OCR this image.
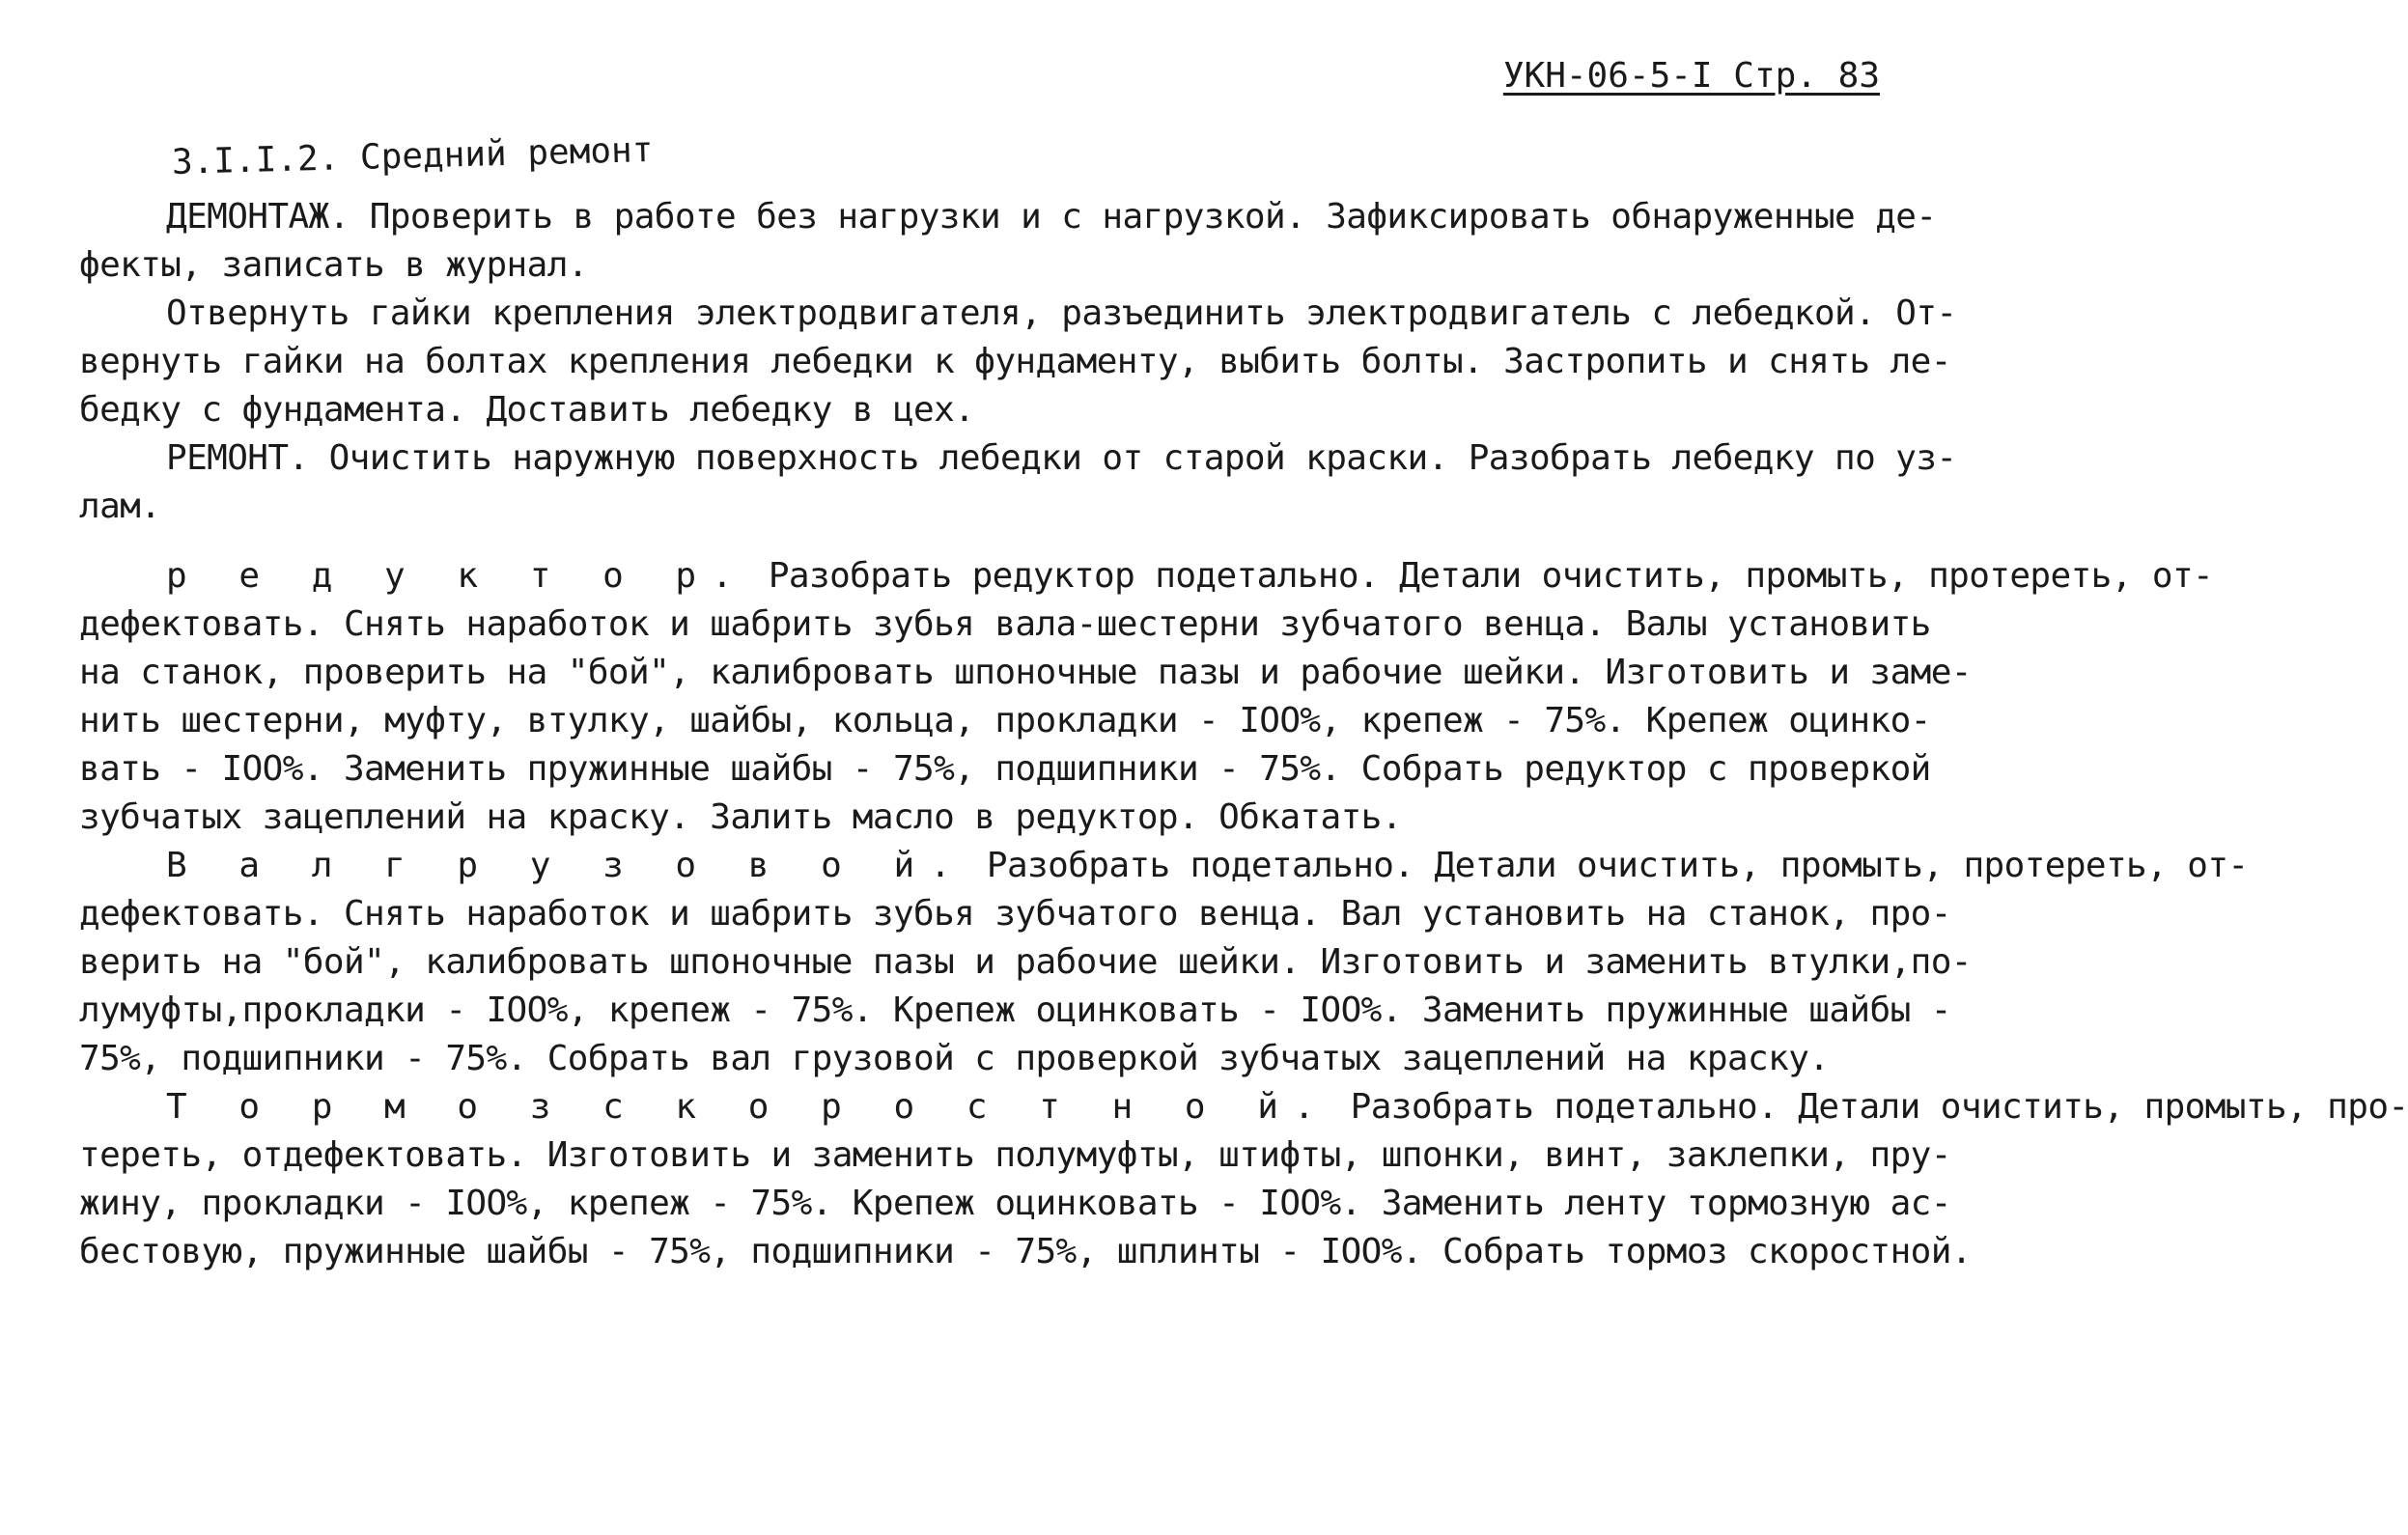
УКН-06-5-I Стр. 83
3.I.I.2. Средний ремонт
ДЕМОНТАЖ. Проверить в работе без нагрузки и с нагрузкой. Зафиксировать обнаруженные де-
фекты, записать в журнал.
Отвернуть гайки крепления электродвигателя, разъединить электродвигатель с лебедкой. От-
вернуть гайки на болтах крепления лебедки к фундаменту, выбить болты. Застропить и снять ле-
бедку с фундамента. Доставить лебедку в цех.
РЕМОНТ. Очистить наружную поверхность лебедки от старой краски. Разобрать лебедку по уз-
лам.
р е д у к т о р. Разобрать редуктор подетально. Детали очистить, промыть, протереть, от-
дефектовать. Снять наработок и шабрить зубья вала-шестерни зубчатого венца. Валы установить
на станок, проверить на "бой", калибровать шпоночные пазы и рабочие шейки. Изготовить и заме-
нить шестерни, муфту, втулку, шайбы, кольца, прокладки - IOO%, крепеж - 75%. Крепеж оцинко-
вать - IOO%. Заменить пружинные шайбы - 75%, подшипники - 75%. Собрать редуктор с проверкой
зубчатых зацеплений на краску. Залить масло в редуктор. Обкатать.
В а л г р у з о в о й. Разобрать подетально. Детали очистить, промыть, протереть, от-
дефектовать. Снять наработок и шабрить зубья зубчатого венца. Вал установить на станок, про-
верить на "бой", калибровать шпоночные пазы и рабочие шейки. Изготовить и заменить втулки,по-
лумуфты,прокладки - IOO%, крепеж - 75%. Крепеж оцинковать - IOO%. Заменить пружинные шайбы -
75%, подшипники - 75%. Собрать вал грузовой с проверкой зубчатых зацеплений на краску.
Т о р м о з с к о р о с т н о й. Разобрать подетально. Детали очистить, промыть, про-
тереть, отдефектовать. Изготовить и заменить полумуфты, штифты, шпонки, винт, заклепки, пру-
жину, прокладки - IOO%, крепеж - 75%. Крепеж оцинковать - IOO%. Заменить ленту тормозную ас-
бестовую, пружинные шайбы - 75%, подшипники - 75%, шплинты - IOO%. Собрать тормоз скоростной.
